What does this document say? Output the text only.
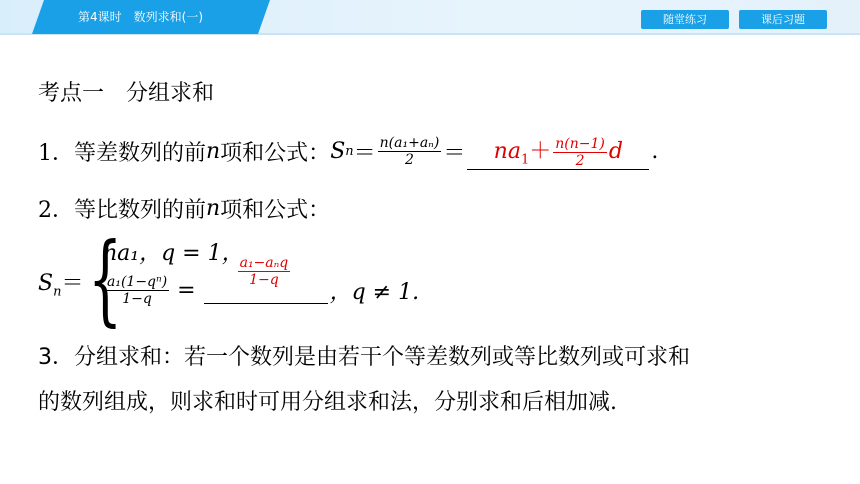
第4课时　数列求和(一)	随堂练习	课后习题
考点一　分组求和
1．等差数列的前 n 项和公式： S $n = \frac{\text{n(a₁+aₙ)}}{2}$ ＝	$na_1+ \frac{n(n-1)}{2}$ d	.
2．等比数列的前 n 项和公式：
$S_n=$ {
na₁，q = 1，
$\frac{\text{a₁(1−qⁿ)}}{1-q}$ =
a₁−aₙq
1−q ，q ≠ 1.
3．分组求和：若一个数列是由若干个等差数列或等比数列或可求和
的数列组成，则求和时可用分组求和法，分别求和后相加减.
